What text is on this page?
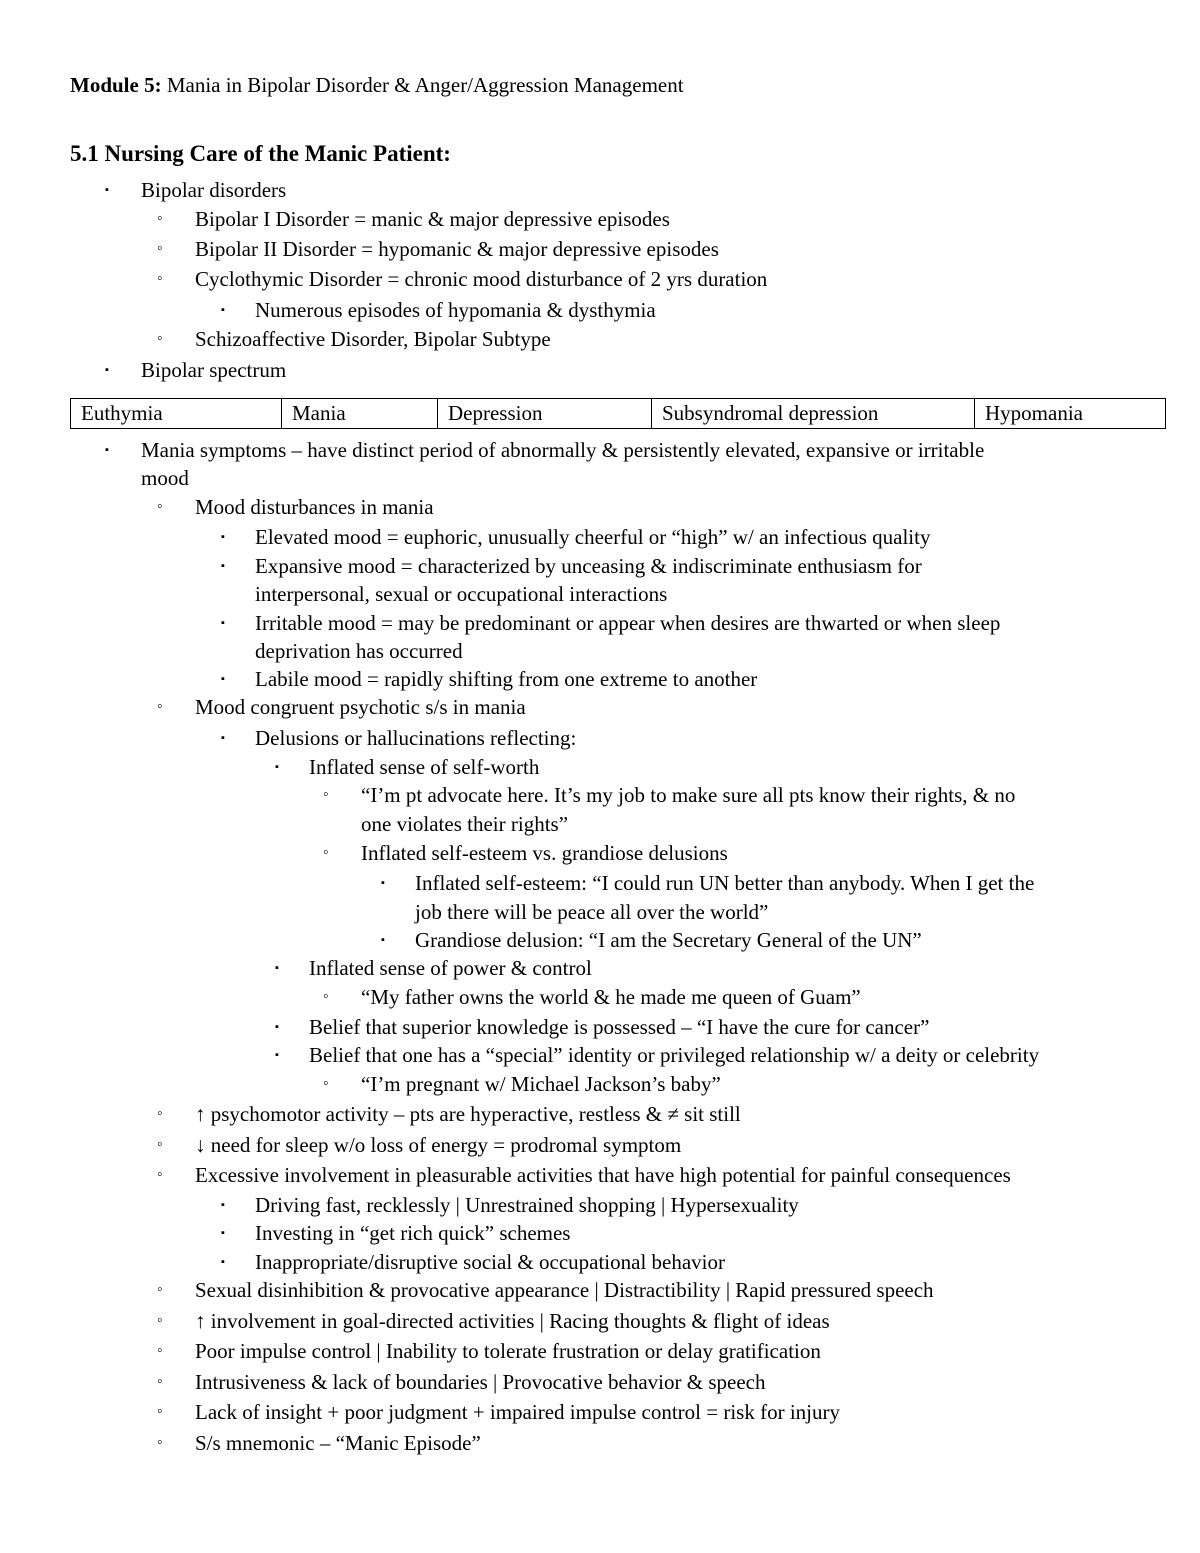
Module 5: Mania in Bipolar Disorder & Anger/Aggression Management
5.1 Nursing Care of the Manic Patient:
▪ Bipolar disorders
◦ Bipolar I Disorder = manic & major depressive episodes
◦ Bipolar II Disorder = hypomanic & major depressive episodes
◦ Cyclothymic Disorder = chronic mood disturbance of 2 yrs duration
▪ Numerous episodes of hypomania & dysthymia
◦ Schizoaffective Disorder, Bipolar Subtype
▪ Bipolar spectrum
Euthymia	Mania	Depression	Subsyndromal depression	Hypomania
▪ Mania symptoms – have distinct period of abnormally & persistently elevated, expansive or irritable
mood
◦ Mood disturbances in mania
▪ Elevated mood = euphoric, unusually cheerful or “high” w/ an infectious quality
▪ Expansive mood = characterized by unceasing & indiscriminate enthusiasm for
interpersonal, sexual or occupational interactions
▪ Irritable mood = may be predominant or appear when desires are thwarted or when sleep
deprivation has occurred
▪ Labile mood = rapidly shifting from one extreme to another
◦ Mood congruent psychotic s/s in mania
▪ Delusions or hallucinations reflecting:
▪ Inflated sense of self-worth
◦ “I’m pt advocate here. It’s my job to make sure all pts know their rights, & no
one violates their rights”
◦ Inflated self-esteem vs. grandiose delusions
▪ Inflated self-esteem: “I could run UN better than anybody. When I get the
job there will be peace all over the world”
▪ Grandiose delusion: “I am the Secretary General of the UN”
▪ Inflated sense of power & control
◦ “My father owns the world & he made me queen of Guam”
▪ Belief that superior knowledge is possessed – “I have the cure for cancer”
▪ Belief that one has a “special” identity or privileged relationship w/ a deity or celebrity
◦ “I’m pregnant w/ Michael Jackson’s baby”
◦ ↑ psychomotor activity – pts are hyperactive, restless & ≠ sit still
◦ ↓ need for sleep w/o loss of energy = prodromal symptom
◦ Excessive involvement in pleasurable activities that have high potential for painful consequences
▪ Driving fast, recklessly | Unrestrained shopping | Hypersexuality
▪ Investing in “get rich quick” schemes
▪ Inappropriate/disruptive social & occupational behavior
◦ Sexual disinhibition & provocative appearance | Distractibility | Rapid pressured speech
◦ ↑ involvement in goal-directed activities | Racing thoughts & flight of ideas
◦ Poor impulse control | Inability to tolerate frustration or delay gratification
◦ Intrusiveness & lack of boundaries | Provocative behavior & speech
◦ Lack of insight + poor judgment + impaired impulse control = risk for injury
◦ S/s mnemonic – “Manic Episode”
